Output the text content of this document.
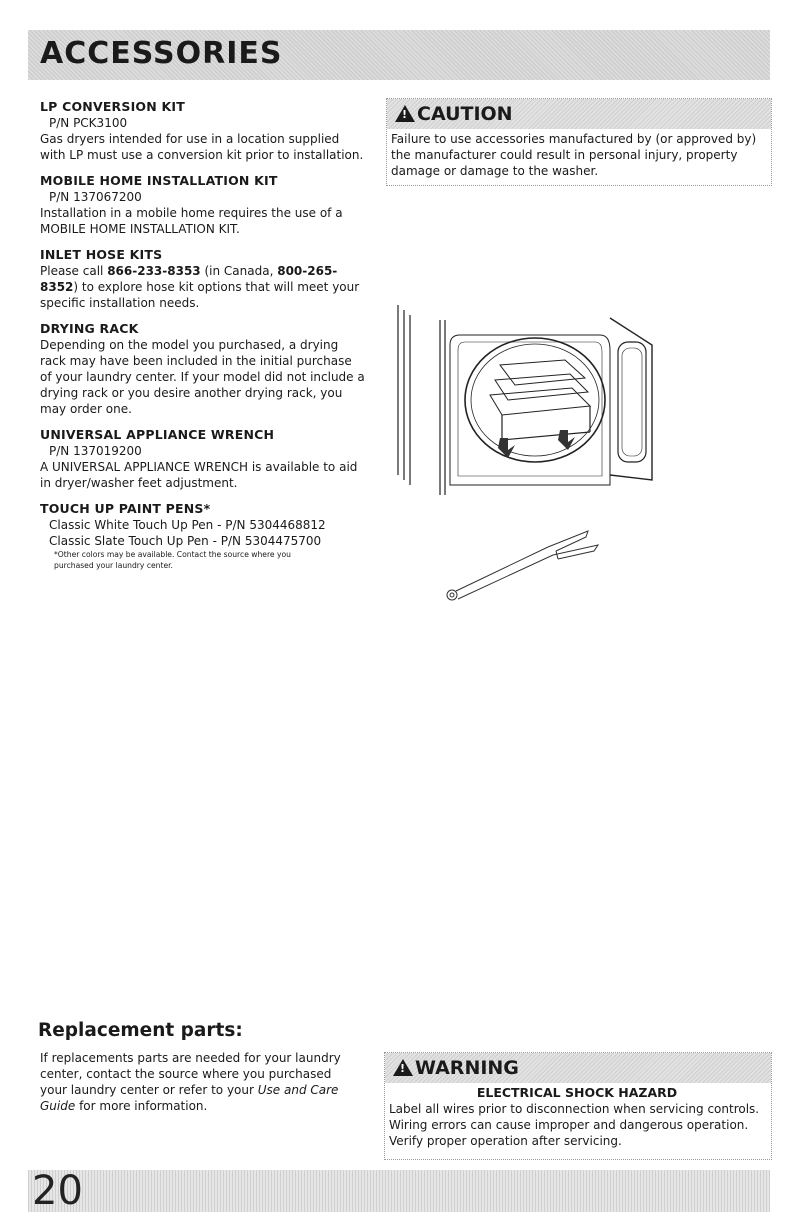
ACCESSORIES

LP CONVERSION KIT

P/N PCK3100

Gas dryers intended for use in a location supplied with LP must use a conversion kit prior to installation.

MOBILE HOME INSTALLATION KIT

P/N 137067200

Installation in a mobile home requires the use of a MOBILE HOME INSTALLATION KIT.

INLET HOSE KITS

Please call 866-233-8353 (in Canada, 800-265-8352) to explore hose kit options that will meet your specific installation needs.

DRYING RACK

Depending on the model you purchased, a drying rack may have been included in the initial purchase of your laundry center. If your model did not include a drying rack or you desire another drying rack, you may order one.

UNIVERSAL APPLIANCE WRENCH

P/N 137019200

A UNIVERSAL APPLIANCE WRENCH is available to aid in dryer/washer feet adjustment.

TOUCH UP PAINT PENS*

Classic White Touch Up Pen - P/N 5304468812

Classic Slate Touch Up Pen - P/N 5304475700

*Other colors may be available. Contact the source where you

purchased your laundry center.

! CAUTION
Failure to use accessories manufactured by (or approved by) the manufacturer could result in personal injury, property damage or damage to the washer.
Replacement parts:

If replacements parts are needed for your laundry center, contact the source where you purchased your laundry center or refer to your Use and Care Guide for more information.

! WARNING
ELECTRICAL SHOCK HAZARD
Label all wires prior to disconnection when servicing controls. Wiring errors can cause improper and dangerous operation. Verify proper operation after servicing.
20
